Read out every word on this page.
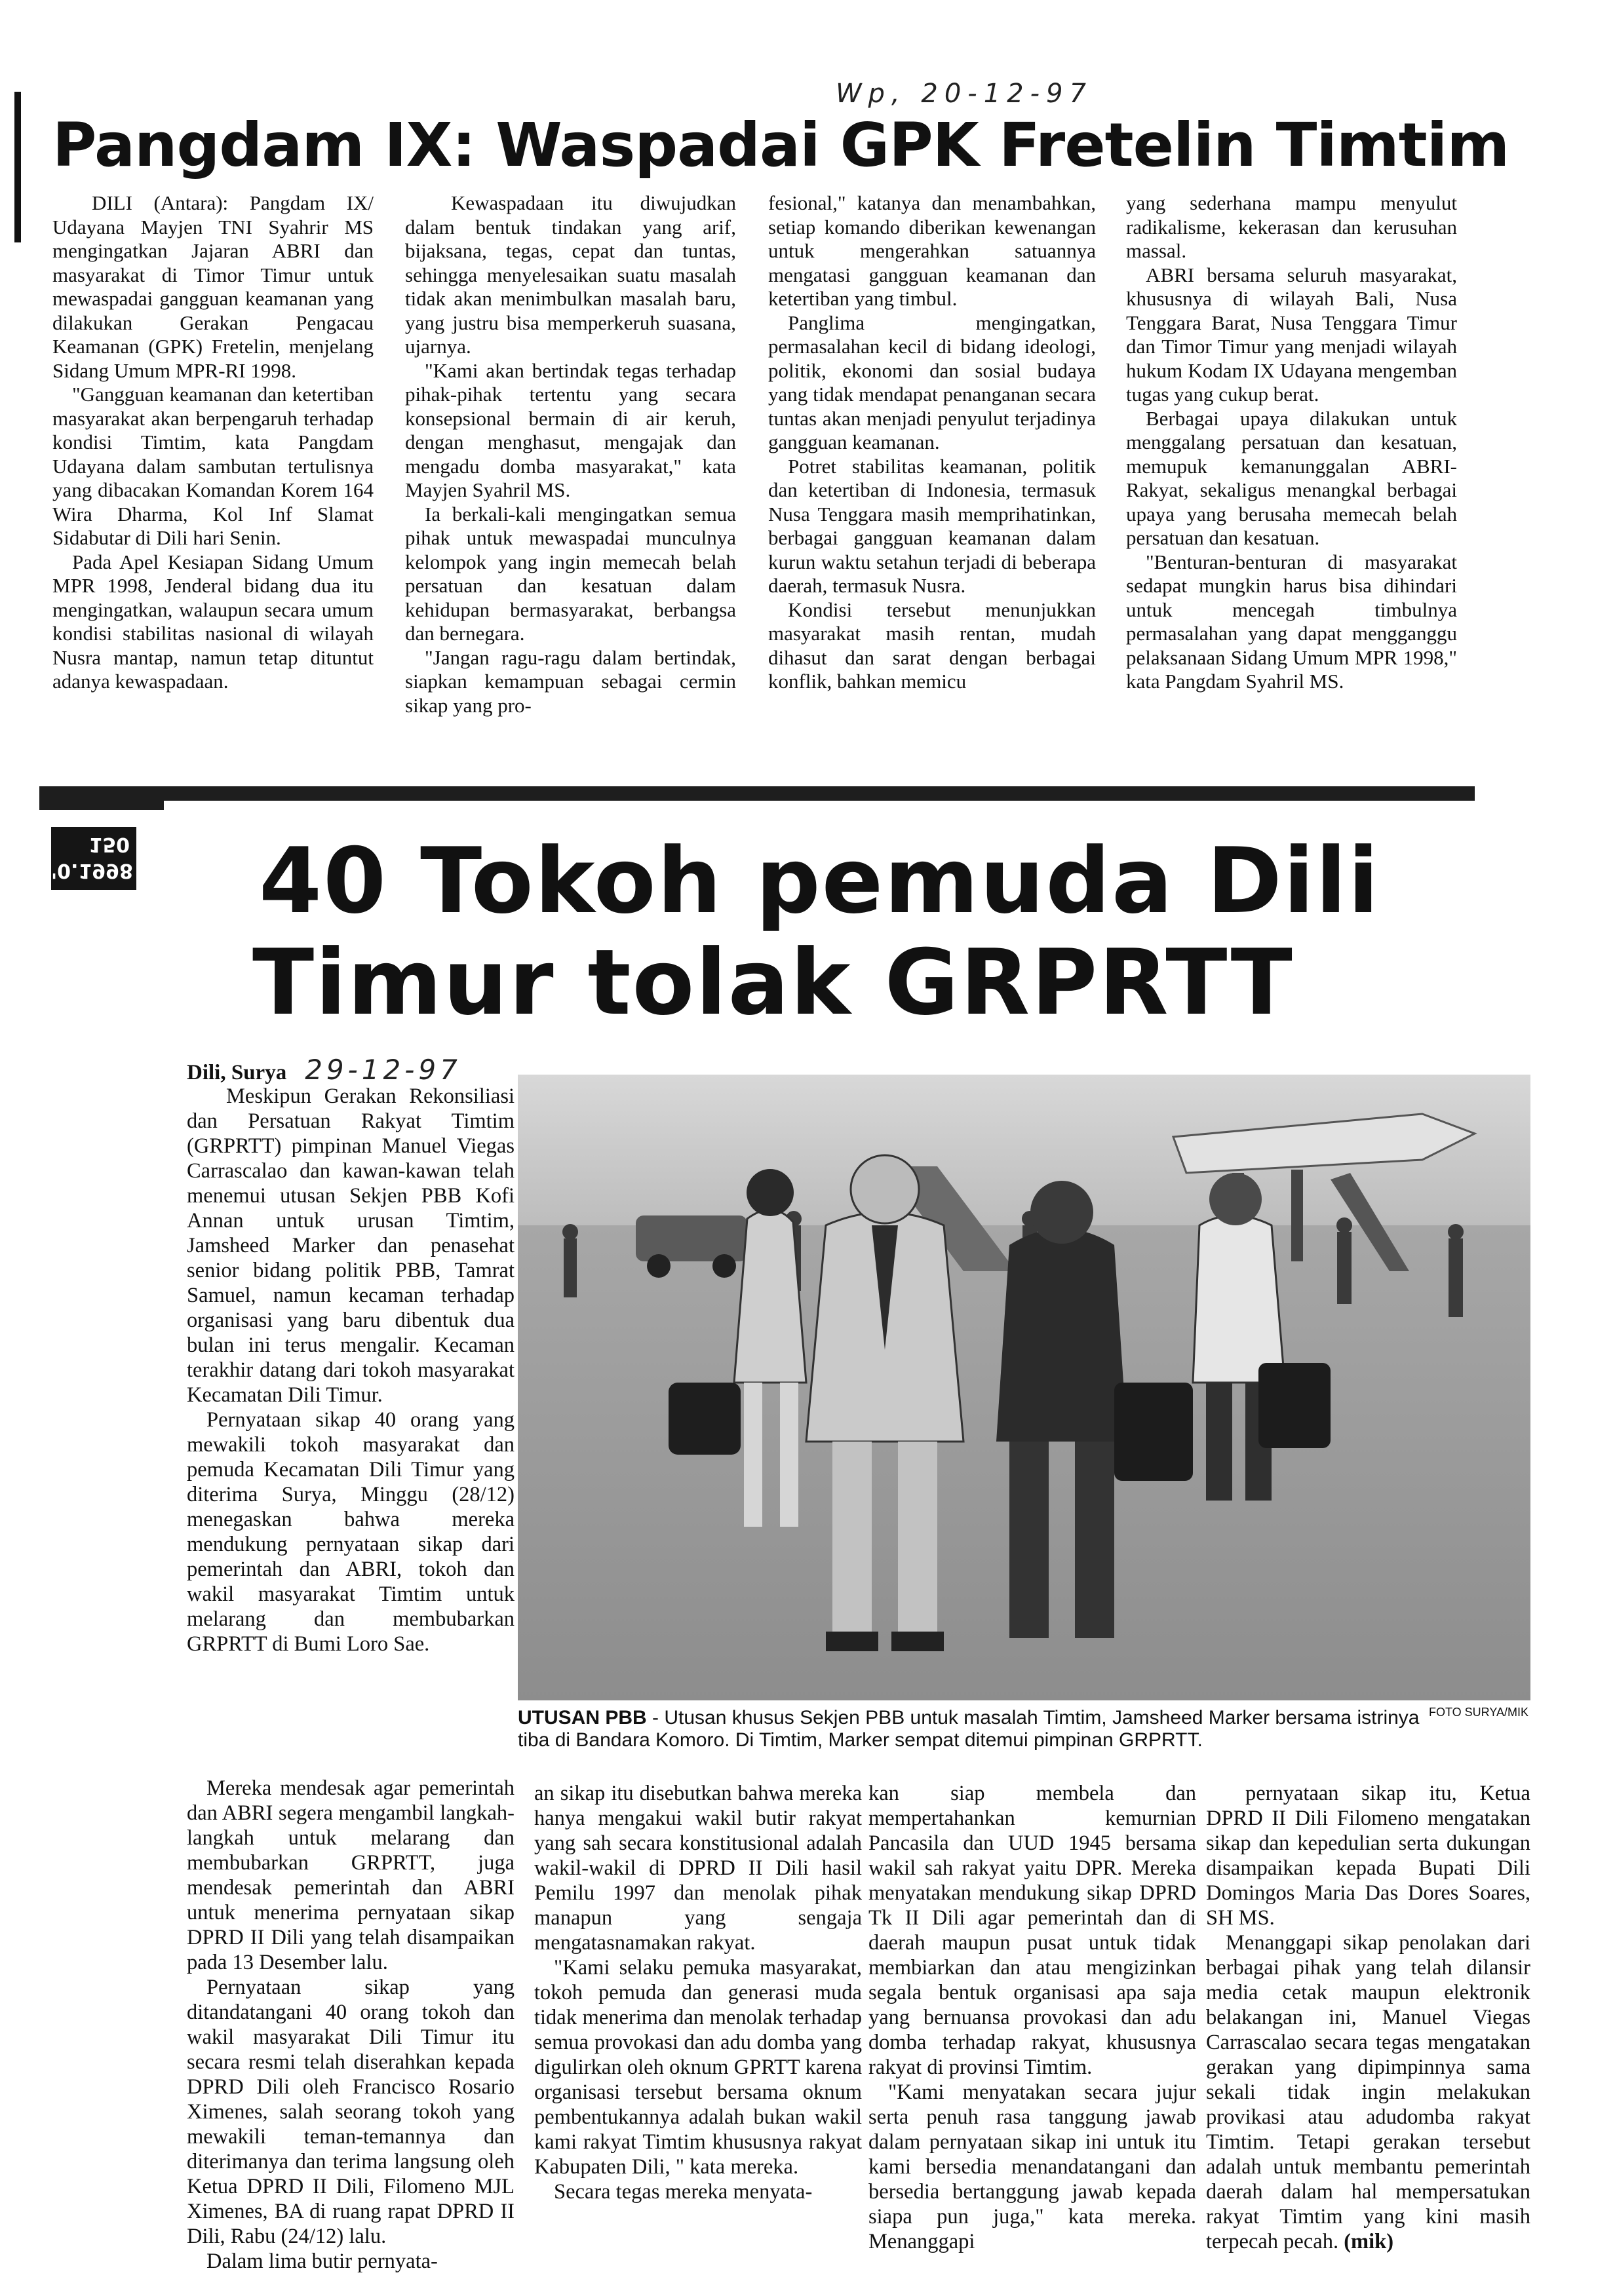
Wp, 20-12-97
Pangdam IX: Waspadai GPK Fretelin Timtim

DILI (Antara): Pangdam IX/ Udayana Mayjen TNI Syahrir MS mengingatkan Jajaran ABRI dan masyarakat di Timor Timur untuk mewaspadai gangguan keamanan yang dilakukan Gerakan Pengacau Keamanan (GPK) Fretelin, menjelang Sidang Umum MPR-RI 1998.

"Gangguan keamanan dan ketertiban masyarakat akan berpengaruh terhadap kondisi Timtim, kata Pangdam Udayana dalam sambutan tertulisnya yang dibacakan Komandan Korem 164 Wira Dharma, Kol Inf Slamat Sidabutar di Dili hari Senin.

Pada Apel Kesiapan Sidang Umum MPR 1998, Jenderal bidang dua itu mengingatkan, walaupun secara umum kondisi stabilitas nasional di wilayah Nusra mantap, namun tetap dituntut adanya kewaspadaan.

Kewaspadaan itu diwujudkan dalam bentuk tindakan yang arif, bijaksana, tegas, cepat dan tuntas, sehingga menyelesaikan suatu masalah tidak akan menimbulkan masalah baru, yang justru bisa memperkeruh suasana, ujarnya.

"Kami akan bertindak tegas terhadap pihak-pihak tertentu yang secara konsepsional bermain di air keruh, dengan menghasut, mengajak dan mengadu domba masyarakat," kata Mayjen Syahril MS.

Ia berkali-kali mengingatkan semua pihak untuk mewaspadai munculnya kelompok yang ingin memecah belah persatuan dan kesatuan dalam kehidupan bermasyarakat, berbangsa dan bernegara.

"Jangan ragu-ragu dalam bertindak, siapkan kemampuan sebagai cermin sikap yang pro-

fesional," katanya dan menambahkan, setiap komando diberikan kewenangan untuk mengerahkan satuannya mengatasi gangguan keamanan dan ketertiban yang timbul.

Panglima mengingatkan, permasalahan kecil di bidang ideologi, politik, ekonomi dan sosial budaya yang tidak mendapat penanganan secara tuntas akan menjadi penyulut terjadinya gangguan keamanan.

Potret stabilitas keamanan, politik dan ketertiban di Indonesia, termasuk Nusa Tenggara masih memprihatinkan, berbagai gangguan keamanan dalam kurun waktu setahun terjadi di beberapa daerah, termasuk Nusra.

Kondisi tersebut menunjukkan masyarakat masih rentan, mudah dihasut dan sarat dengan berbagai konflik, bahkan memicu

yang sederhana mampu menyulut radikalisme, kekerasan dan kerusuhan massal.

ABRI bersama seluruh masyarakat, khususnya di wilayah Bali, Nusa Tenggara Barat, Nusa Tenggara Timur dan Timor Timur yang menjadi wilayah hukum Kodam IX Udayana mengemban tugas yang cukup berat.

Berbagai upaya dilakukan untuk menggalang persatuan dan kesatuan, memupuk kemanunggalan ABRI-Rakyat, sekaligus menangkal berbagai upaya yang berusaha memecah belah persatuan dan kesatuan.

"Benturan-benturan di masyarakat sedapat mungkin harus bisa dihindari untuk mencegah timbulnya permasalahan yang dapat mengganggu pelaksanaan Sidang Umum MPR 1998," kata Pangdam Syahril MS.

150
'0.1998 40 Tokoh pemuda Dili
Timur tolak GRPRTT
Dili, Surya 29-12-97

Meskipun Gerakan Rekonsiliasi dan Persatuan Rakyat Timtim (GRPRTT) pimpinan Manuel Viegas Carrascalao dan kawan-kawan telah menemui utusan Sekjen PBB Kofi Annan untuk urusan Timtim, Jamsheed Marker dan penasehat senior bidang politik PBB, Tamrat Samuel, namun kecaman terhadap organisasi yang baru dibentuk dua bulan ini terus mengalir. Kecaman terakhir datang dari tokoh masyarakat Kecamatan Dili Timur.

Pernyataan sikap 40 orang yang mewakili tokoh masyarakat dan pemuda Kecamatan Dili Timur yang diterima Surya, Minggu (28/12) menegaskan bahwa mereka mendukung pernyataan sikap dari pemerintah dan ABRI, tokoh dan wakil masyarakat Timtim untuk melarang dan membubarkan GRPRTT di Bumi Loro Sae.

FOTO SURYA/MIK
UTUSAN PBB - Utusan khusus Sekjen PBB untuk masalah Timtim, Jamsheed Marker bersama istrinya tiba di Bandara Komoro. Di Timtim, Marker sempat ditemui pimpinan GRPRTT.

Mereka mendesak agar pemerintah dan ABRI segera mengambil langkah-langkah untuk melarang dan membubarkan GRPRTT, juga mendesak pemerintah dan ABRI untuk menerima pernyataan sikap DPRD II Dili yang telah disampaikan pada 13 Desember lalu.

Pernyataan sikap yang ditandatangani 40 orang tokoh dan wakil masyarakat Dili Timur itu secara resmi telah diserahkan kepada DPRD Dili oleh Francisco Rosario Ximenes, salah seorang tokoh yang mewakili teman-temannya dan diterimanya dan terima langsung oleh Ketua DPRD II Dili, Filomeno MJL Ximenes, BA di ruang rapat DPRD II Dili, Rabu (24/12) lalu.

Dalam lima butir pernyata-

an sikap itu disebutkan bahwa mereka hanya mengakui wakil butir rakyat yang sah secara konstitusional adalah wakil-wakil di DPRD II Dili hasil Pemilu 1997 dan menolak pihak manapun yang sengaja mengatasnamakan rakyat.

"Kami selaku pemuka masyarakat, tokoh pemuda dan generasi muda tidak menerima dan menolak terhadap semua provokasi dan adu domba yang digulirkan oleh oknum GPRTT karena organisasi tersebut bersama oknum pembentukannya adalah bukan wakil kami rakyat Timtim khususnya rakyat Kabupaten Dili, " kata mereka.

Secara tegas mereka menyata-

kan siap membela dan mempertahankan kemurnian Pancasila dan UUD 1945 bersama wakil sah rakyat yaitu DPR. Mereka menyatakan mendukung sikap DPRD Tk II Dili agar pemerintah dan di daerah maupun pusat untuk tidak membiarkan dan atau mengizinkan segala bentuk organisasi apa saja yang bernuansa provokasi dan adu domba terhadap rakyat, khususnya rakyat di provinsi Timtim.

"Kami menyatakan secara jujur serta penuh rasa tanggung jawab dalam pernyataan sikap ini untuk itu kami bersedia menandatangani dan bersedia bertanggung jawab kepada siapa pun juga," kata mereka. Menanggapi

pernyataan sikap itu, Ketua DPRD II Dili Filomeno mengatakan sikap dan kepedulian serta dukungan disampaikan kepada Bupati Dili Domingos Maria Das Dores Soares, SH MS.

Menanggapi sikap penolakan dari berbagai pihak yang telah dilansir media cetak maupun elektronik belakangan ini, Manuel Viegas Carrascalao secara tegas mengatakan gerakan yang dipimpinnya sama sekali tidak ingin melakukan provikasi atau adudomba rakyat Timtim. Tetapi gerakan tersebut adalah untuk membantu pemerintah daerah dalam hal mempersatukan rakyat Timtim yang kini masih terpecah pecah. (mik)
